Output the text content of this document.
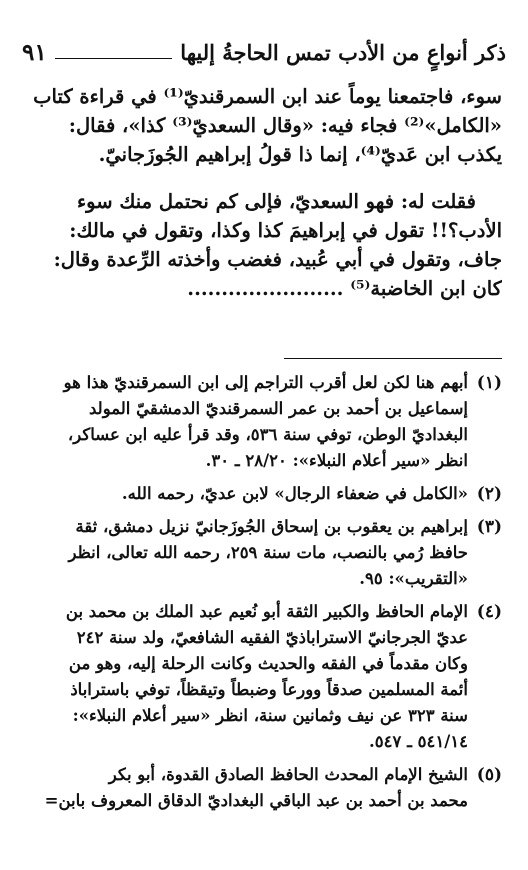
ذكر أنواعٍ من الأدب تمس الحاجةُ إليها
٩١
سوء، فاجتمعنا يوماً عند ابن السمرقنديّ⁽¹⁾ في قراءة كتاب
«الكامل»⁽²⁾ فجاء فيه: «وقال السعديّ⁽³⁾ كذا»، فقال:
يكذب ابن عَديّ⁽⁴⁾، إنما ذا قولُ إبراهيم الجُوزَجانيّ.
فقلت له: فهو السعديّ، فإلى كم نحتمل منك سوء
الأدب؟!! تقول في إبراهيمَ كذا وكذا، وتقول في مالك:
جاف، وتقول في أبي عُبيد، فغضب وأخذته الرِّعدة وقال:
كان ابن الخاضبة⁽⁵⁾ .......................
(١)
أبهم هنا لكن لعل أقرب التراجم إلى ابن السمرقنديّ هذا هو
إسماعيل بن أحمد بن عمر السمرقنديّ الدمشقيّ المولد
البغداديّ الوطن، توفي سنة ٥٣٦، وقد قرأ عليه ابن عساكر،
انظر «سير أعلام النبلاء»: ٢٨/٢٠ ـ ٣٠.
(٢)
«الكامل في ضعفاء الرجال» لابن عديّ، رحمه الله.
(٣)
إبراهيم بن يعقوب بن إسحاق الجُوزَجانيّ نزيل دمشق، ثقة
حافظ رُمي بالنصب، مات سنة ٢٥٩، رحمه الله تعالى، انظر
«التقريب»: ٩٥.
(٤)
الإمام الحافظ والكبير الثقة أبو نُعيم عبد الملك بن محمد بن
عديّ الجرجانيّ الاستراباذيّ الفقيه الشافعيّ، ولد سنة ٢٤٢
وكان مقدماً في الفقه والحديث وكانت الرحلة إليه، وهو من
أئمة المسلمين صدقاً وورعاً وضبطاً وتيقظاً، توفي باستراباذ
سنة ٣٢٣ عن نيف وثمانين سنة، انظر «سير أعلام النبلاء»:
٥٤١/١٤ ـ ٥٤٧.
(٥)
الشيخ الإمام المحدث الحافظ الصادق القدوة، أبو بكر
محمد بن أحمد بن عبد الباقي البغداديّ الدقاق المعروف بابن=
